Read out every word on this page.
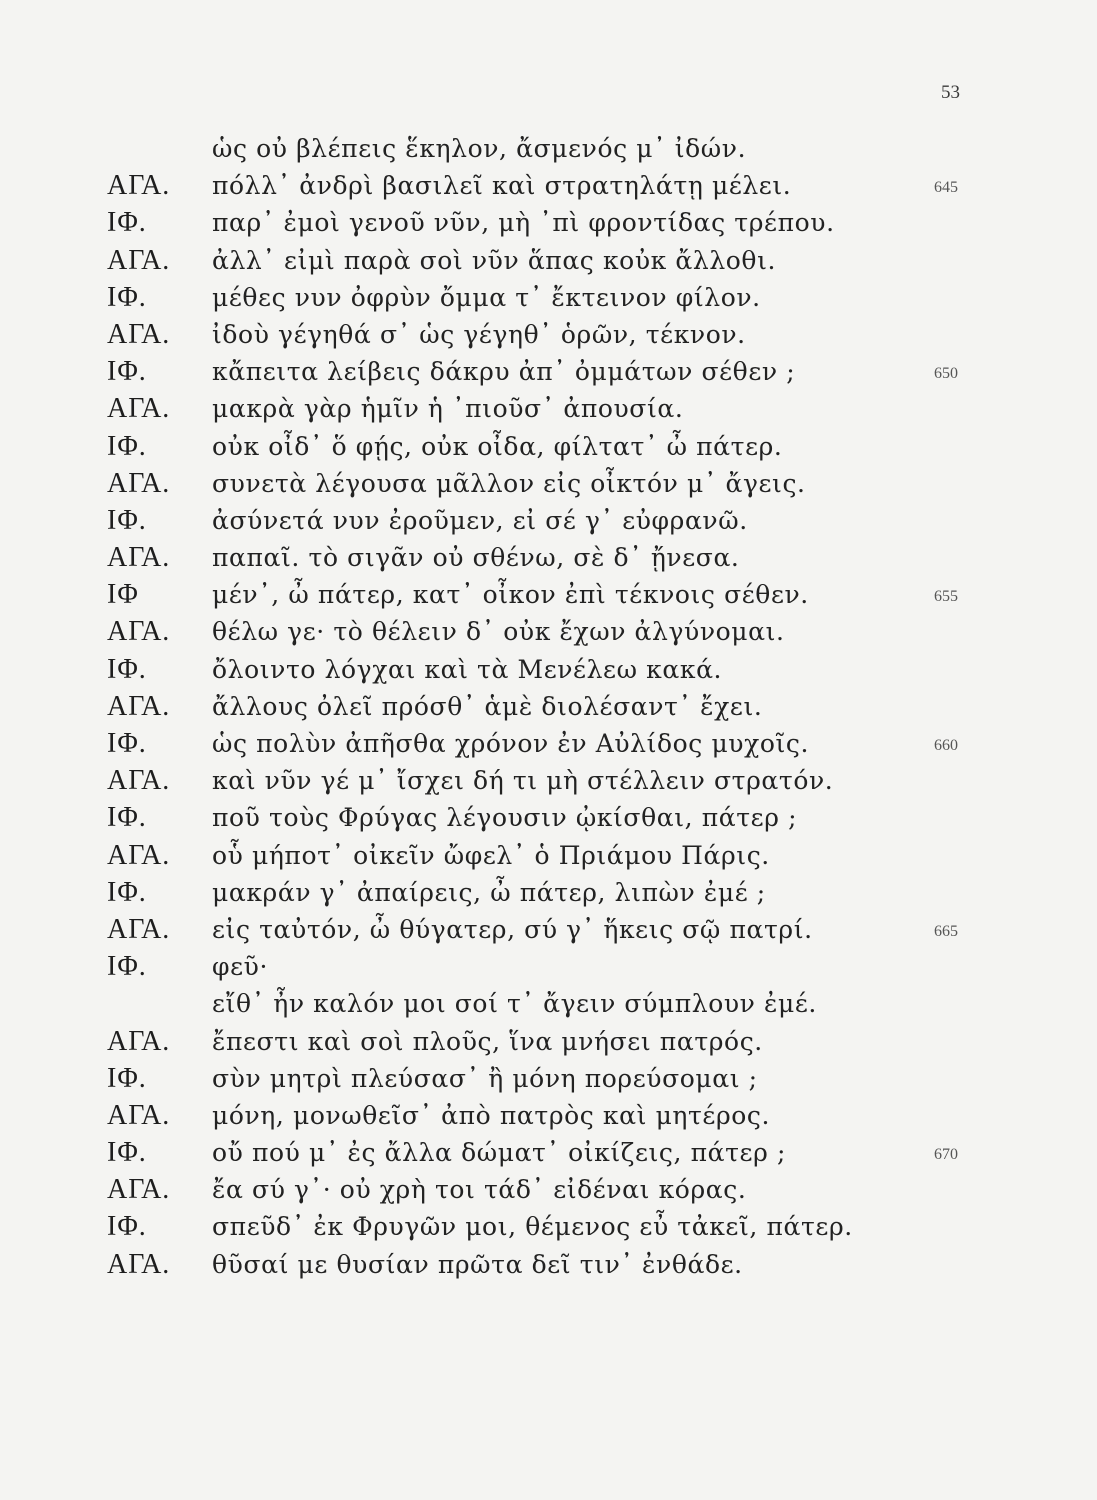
53
ὡς οὐ βλέπεις ἕκηλον, ἄσμενός μ᾽ ἰδών.
ΑΓΑ. πόλλ᾽ ἀνδρὶ βασιλεῖ καὶ στρατηλάτῃ μέλει.	645
ΙΦ.	παρ᾽ ἐμοὶ γενοῦ νῦν, μὴ ᾽πὶ φροντίδας τρέπου.
ΑΓΑ. ἀλλ᾽ εἰμὶ παρὰ σοὶ νῦν ἅπας κοὐκ ἄλλοθι.
ΙΦ.	μέθες νυν ὀφρὺν ὄμμα τ᾽ ἔκτεινον φίλον.
ΑΓΑ. ἰδοὺ γέγηθά σ᾽ ὡς γέγηθ᾽ ὁρῶν, τέκνον.
ΙΦ.	κἄπειτα λείβεις δάκρυ ἀπ᾽ ὀμμάτων σέθεν ;	650
ΑΓΑ. μακρὰ γὰρ ἡμῖν ἡ ᾽πιοῦσ᾽ ἀπουσία.
ΙΦ.	οὐκ οἶδ᾽ ὅ φῄς, οὐκ οἶδα, φίλτατ᾽ ὦ πάτερ.
ΑΓΑ. συνετὰ λέγουσα μᾶλλον εἰς οἶκτόν μ᾽ ἄγεις.
ΙΦ.	ἀσύνετά νυν ἐροῦμεν, εἰ σέ γ᾽ εὐφρανῶ.
ΑΓΑ. παπαῖ. τὸ σιγᾶν οὐ σθένω, σὲ δ᾽ ᾔνεσα.
ΙΦ	μέν᾽, ὦ πάτερ, κατ᾽ οἶκον ἐπὶ τέκνοις σέθεν.	655
ΑΓΑ. θέλω γε· τὸ θέλειν δ᾽ οὐκ ἔχων ἀλγύνομαι.
ΙΦ.	ὄλοιντο λόγχαι καὶ τὰ Μενέλεω κακά.
ΑΓΑ. ἄλλους ὀλεῖ πρόσθ᾽ ἁμὲ διολέσαντ᾽ ἔχει.
ΙΦ.	ὡς πολὺν ἀπῆσθα χρόνον ἐν Αὐλίδος μυχοῖς.	660
ΑΓΑ. καὶ νῦν γέ μ᾽ ἴσχει δή τι μὴ στέλλειν στρατόν.
ΙΦ.	ποῦ τοὺς Φρύγας λέγουσιν ᾠκίσθαι, πάτερ ;
ΑΓΑ. οὗ μήποτ᾽ οἰκεῖν ὤφελ᾽ ὁ Πριάμου Πάρις.
ΙΦ.	μακράν γ᾽ ἀπαίρεις, ὦ πάτερ, λιπὼν ἐμέ ;
ΑΓΑ. εἰς ταὐτόν, ὦ θύγατερ, σύ γ᾽ ἥκεις σῷ πατρί.	665
ΙΦ.	φεῦ·
εἴθ᾽ ἦν καλόν μοι σοί τ᾽ ἄγειν σύμπλουν ἐμέ.
ΑΓΑ. ἔπεστι καὶ σοὶ πλοῦς, ἵνα μνήσει πατρός.
ΙΦ.	σὺν μητρὶ πλεύσασ᾽ ἢ μόνη πορεύσομαι ;
ΑΓΑ. μόνη, μονωθεῖσ᾽ ἀπὸ πατρὸς καὶ μητέρος.
ΙΦ.	οὔ πού μ᾽ ἐς ἄλλα δώματ᾽ οἰκίζεις, πάτερ ;	670
ΑΓΑ. ἔα σύ γ᾽· οὐ χρὴ τοι τάδ᾽ εἰδέναι κόρας.
ΙΦ.	σπεῦδ᾽ ἐκ Φρυγῶν μοι, θέμενος εὖ τἀκεῖ, πάτερ.
ΑΓΑ. θῦσαί με θυσίαν πρῶτα δεῖ τιν᾽ ἐνθάδε.
